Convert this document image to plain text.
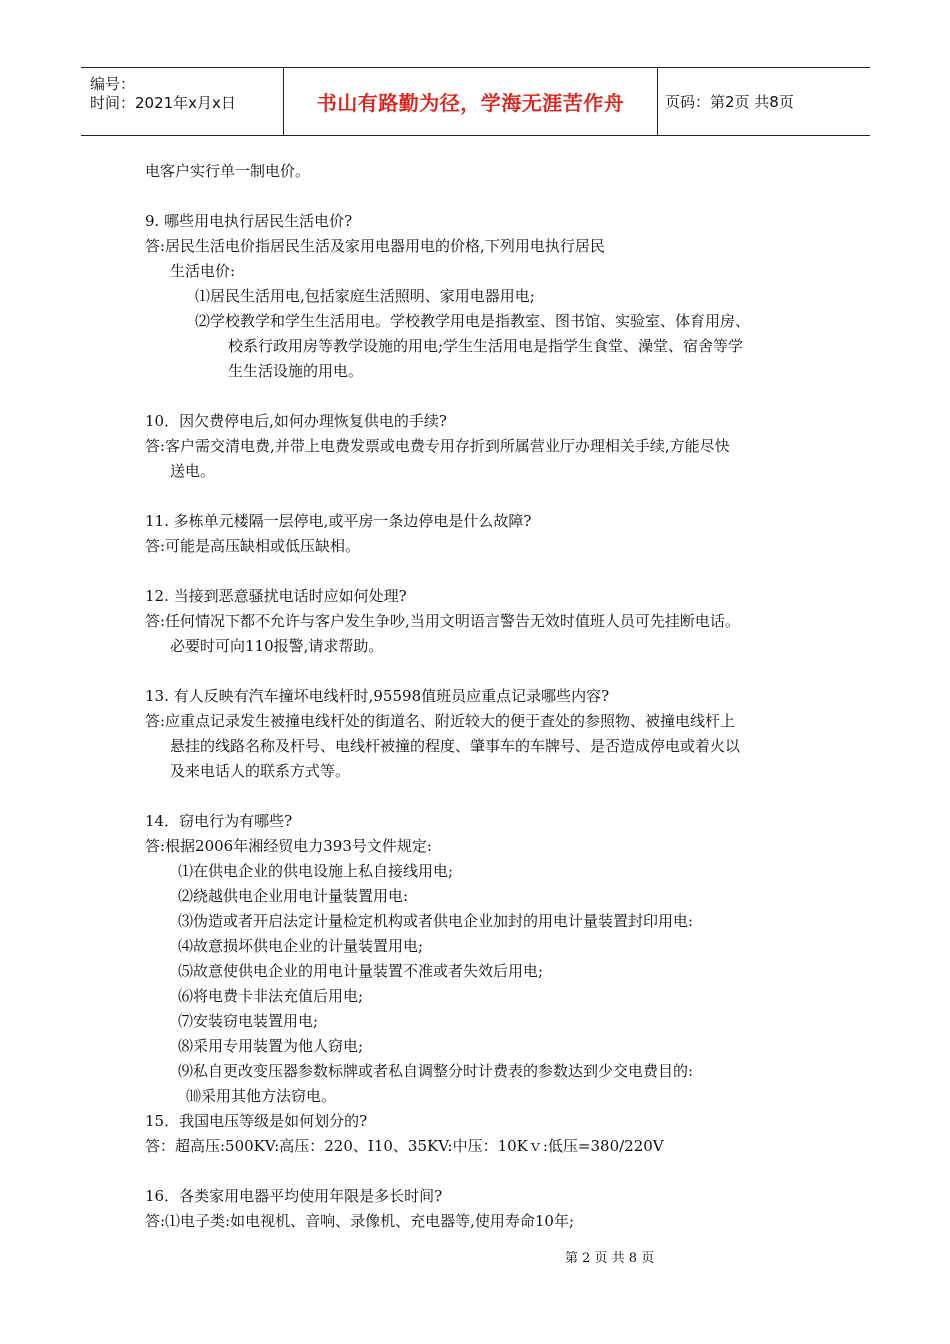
编号：
时间：2021年x月x日	书山有路勤为径，学海无涯苦作舟	页码：第2页 共8页
电客户实行单一制电价。
9. 哪些用电执行居民生活电价?
答:居民生活电价指居民生活及家用电器用电的价格,下列用电执行居民
生活电价:
⑴居民生活用电,包括家庭生活照明、家用电器用电;
⑵学校教学和学生生活用电。学校教学用电是指教室、图书馆、实验室、体育用房、
校系行政用房等教学设施的用电;学生生活用电是指学生食堂、澡堂、宿舍等学
生生活设施的用电。
10．因欠费停电后,如何办理恢复供电的手续?
答:客户需交清电费,并带上电费发票或电费专用存折到所属营业厅办理相关手续,方能尽快
送电。
11. 多栋单元楼隔一层停电,或平房一条边停电是什么故障?
答:可能是高压缺相或低压缺相。
12. 当接到恶意骚扰电话时应如何处理?
答:任何情况下都不允许与客户发生争吵,当用文明语言警告无效时值班人员可先挂断电话。
必要时可向110报警,请求帮助。
13. 有人反映有汽车撞坏电线杆时,95598值班员应重点记录哪些内容?
答:应重点记录发生被撞电线杆处的街道名、附近较大的便于查处的参照物、被撞电线杆上
悬挂的线路名称及杆号、电线杆被撞的程度、肇事车的车牌号、是否造成停电或着火以
及来电话人的联系方式等。
14．窃电行为有哪些?
答:根据2006年湘经贸电力393号文件规定:
⑴在供电企业的供电设施上私自接线用电;
⑵绕越供电企业用电计量装置用电:
⑶伪造或者开启法定计量检定机构或者供电企业加封的用电计量装置封印用电:
⑷故意损坏供电企业的计量装置用电;
⑸故意使供电企业的用电计量装置不准或者失效后用电;
⑹将电费卡非法充值后用电;
⑺安装窃电装置用电;
⑻采用专用装置为他人窃电;
⑼私自更改变压器参数标牌或者私自调整分时计费表的参数达到少交电费目的:
⑽采用其他方法窃电。
15．我国电压等级是如何划分的?
答：超高压:500KV:高压：220、I10、35KV:中压：10Kｖ:低压=380/220V
16．各类家用电器平均使用年限是多长时间?
答:⑴电子类:如电视机、音响、录像机、充电器等,使用寿命10年;
第 2 页 共 8 页
